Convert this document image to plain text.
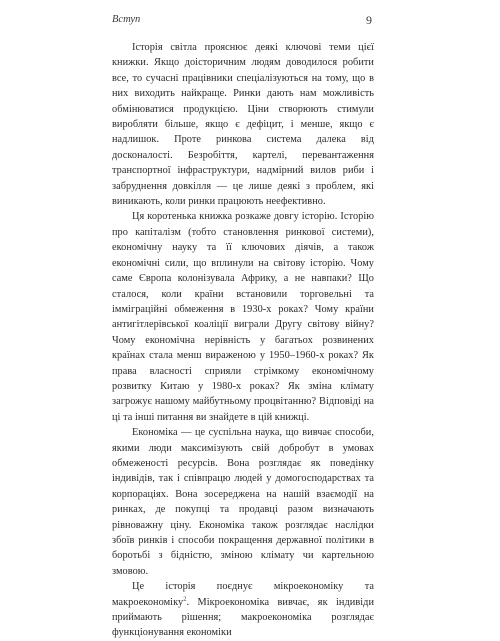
Вступ	9

Історія світла прояснює деякі ключові теми цієї книжки. Якщо доісторичним людям доводилося робити все, то сучасні працівники спеціалізуються на тому, що в них виходить найкраще. Ринки дають нам можливість обмінюватися продукцією. Ціни створюють стимули виробляти більше, якщо є дефіцит, і менше, якщо є надлишок. Проте ринкова система далека від досконалості. Безробіття, картелі, перевантаження транспортної інфраструктури, надмірний вилов риби і забруднення довкілля — це лише деякі з проблем, які виникають, коли ринки працюють неефективно.

Ця коротенька книжка розкаже довгу історію. Історію про капіталізм (тобто становлення ринкової системи), економічну науку та її ключових діячів, а також економічні сили, що вплинули на світову історію. Чому саме Європа колонізувала Африку, а не навпаки? Що сталося, коли країни встановили торговельні та імміграційні обмеження в 1930-х роках? Чому країни антигітлерівської коаліції виграли Другу світову війну? Чому економічна нерівність у багатьох розвинених країнах стала менш вираженою у 1950–1960-х роках? Як права власності сприяли стрімкому економічному розвитку Китаю у 1980-х роках? Як зміна клімату загрожує нашому майбутньому процвітанню? Відповіді на ці та інші питання ви знайдете в цій книжці.

Економіка — це суспільна наука, що вивчає способи, якими люди максимізують свій добробут в умовах обмеженості ресурсів. Вона розглядає як поведінку індивідів, так і співпрацю людей у домогосподарствах та корпораціях. Вона зосереджена на нашій взаємодії на ринках, де покупці та продавці разом визначають рівноважну ціну. Економіка також розглядає наслідки збоїв ринків і способи покращення державної політики в боротьбі з бідністю, зміною клімату чи картельною змовою.

Це історія поєднує мікроекономіку та макроекономіку$^2$. Мікроекономіка вивчає, як індивіди приймають рішення; макроекономіка розглядає функціонування економіки
